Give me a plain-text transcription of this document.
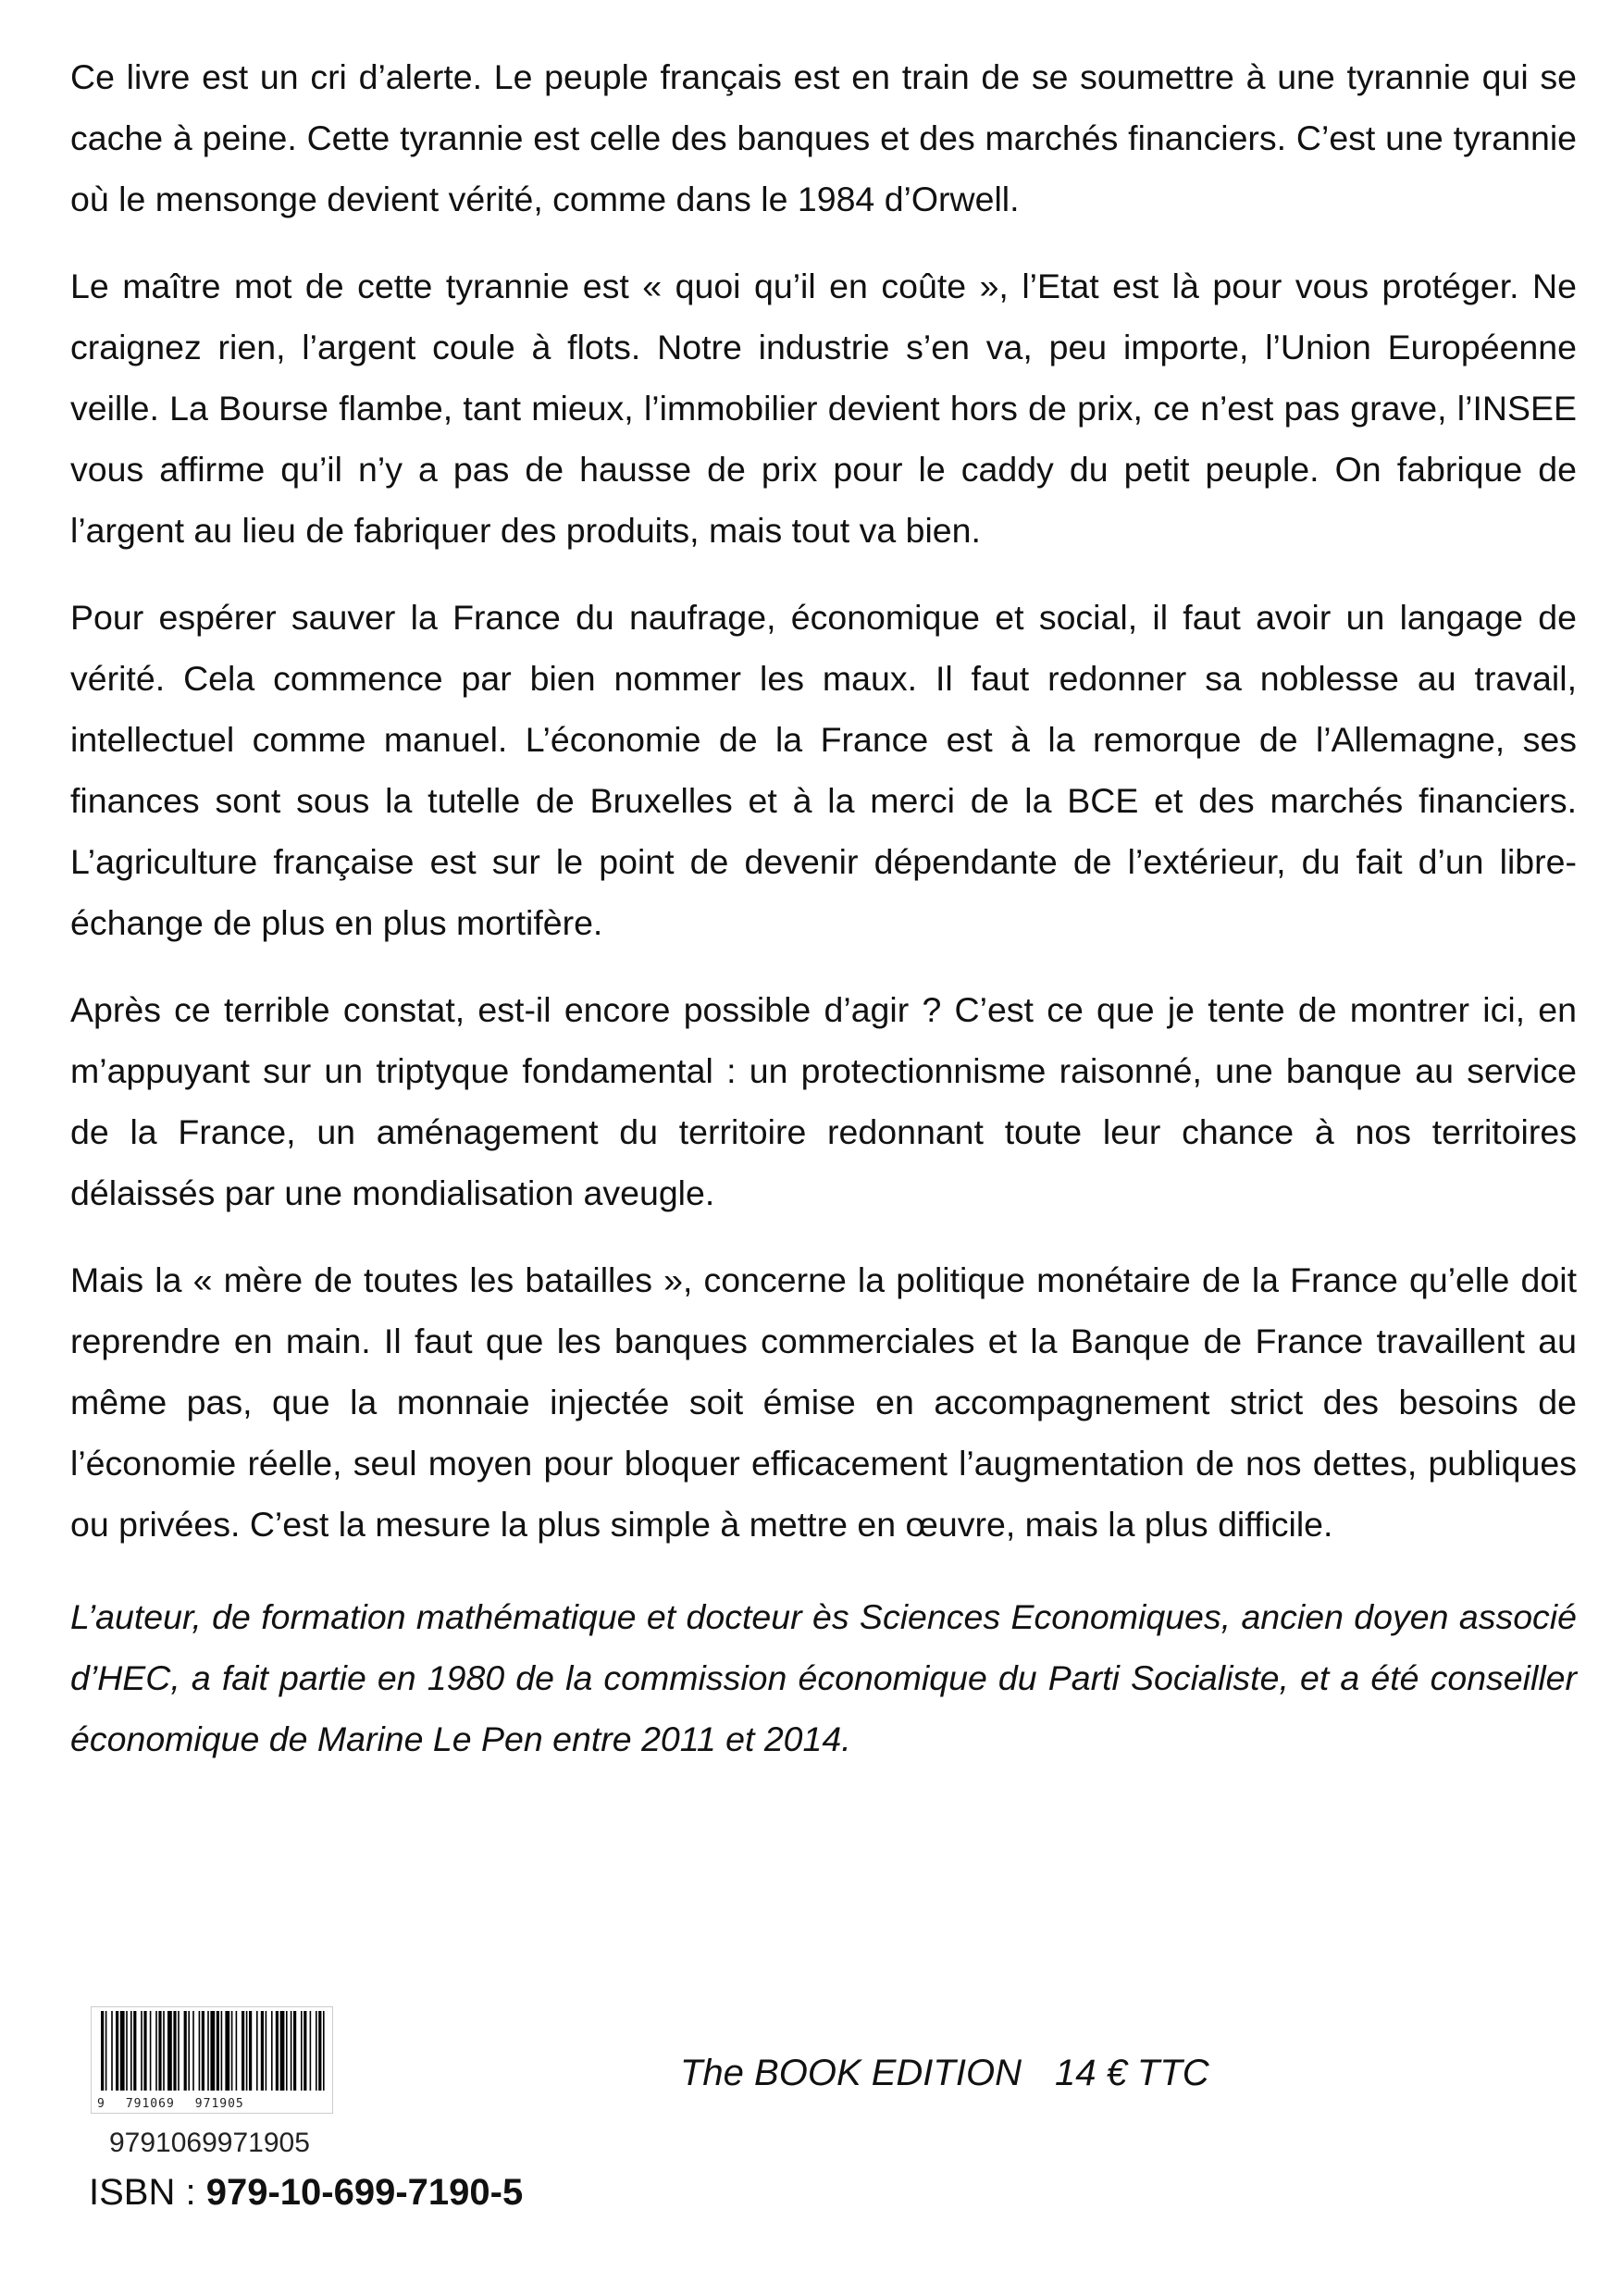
Ce livre est un cri d’alerte. Le peuple français est en train de se soumettre à une tyrannie qui se cache à peine. Cette tyrannie est celle des banques et des marchés financiers. C’est une tyrannie où le mensonge devient vérité, comme dans le 1984 d’Orwell.

Le maître mot de cette tyrannie est « quoi qu’il en coûte », l’Etat est là pour vous protéger. Ne craignez rien, l’argent coule à flots. Notre industrie s’en va, peu importe, l’Union Européenne veille. La Bourse flambe, tant mieux, l’immobilier devient hors de prix, ce n’est pas grave, l’INSEE vous affirme qu’il n’y a pas de hausse de prix pour le caddy du petit peuple. On fabrique de l’argent au lieu de fabriquer des produits, mais tout va bien.

Pour espérer sauver la France du naufrage, économique et social, il faut avoir un langage de vérité. Cela commence par bien nommer les maux. Il faut redonner sa noblesse au travail, intellectuel comme manuel. L’économie de la France est à la remorque de l’Allemagne, ses finances sont sous la tutelle de Bruxelles et à la merci de la BCE et des marchés financiers. L’agriculture française est sur le point de devenir dépendante de l’extérieur, du fait d’un libre-échange de plus en plus mortifère.

Après ce terrible constat, est-il encore possible d’agir ? C’est ce que je tente de montrer ici, en m’appuyant sur un triptyque fondamental : un protectionnisme raisonné, une banque au service de la France, un aménagement du territoire redonnant toute leur chance à nos territoires délaissés par une mondialisation aveugle.

Mais la « mère de toutes les batailles », concerne la politique monétaire de la France qu’elle doit reprendre en main. Il faut que les banques commerciales et la Banque de France travaillent au même pas, que la monnaie injectée soit émise en accompagnement strict des besoins de l’économie réelle, seul moyen pour bloquer efficacement l’augmentation de nos dettes, publiques ou privées. C’est la mesure la plus simple à mettre en œuvre, mais la plus difficile.

L’auteur, de formation mathématique et docteur ès Sciences Economiques, ancien doyen associé d’HEC, a fait partie en 1980 de la commission économique du Parti Socialiste, et a été conseiller économique de Marine Le Pen entre 2011 et 2014.

9 791069 971905
9791069971905
ISBN : 979-10-699-7190-5
The BOOK EDITION 14 € TTC
